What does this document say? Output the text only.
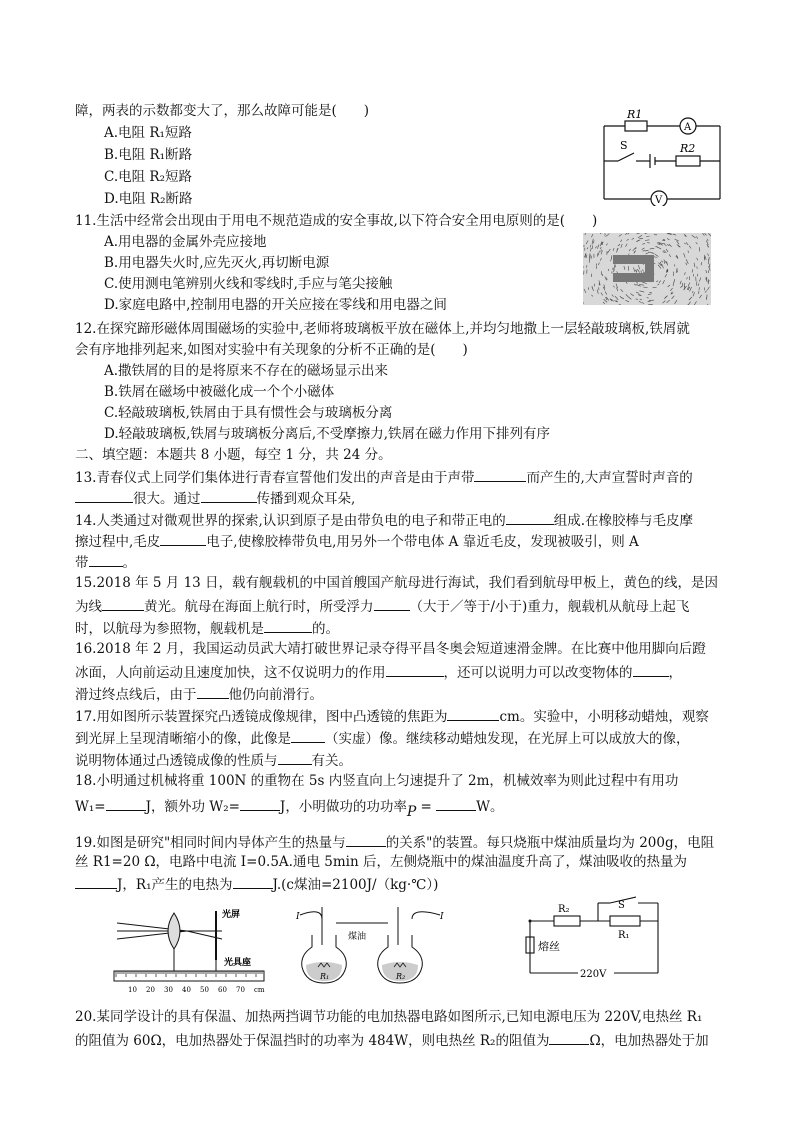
障，两表的示数都变大了，那么故障可能是(　　)
A.电阻 R₁短路
B.电阻 R₁断路
C.电阻 R₂短路
D.电阻 R₂断路
R1
A
S	R2
V
11.生活中经常会出现由于用电不规范造成的安全事故,以下符合安全用电原则的是(　　)
A.用电器的金属外壳应接地
B.用电器失火时,应先灭火,再切断电源
C.使用测电笔辨别火线和零线时,手应与笔尖接触
D.家庭电路中,控制用电器的开关应接在零线和用电器之间
12.在探究蹄形磁体周围磁场的实验中,老师将玻璃板平放在磁体上,并均匀地撒上一层轻敲玻璃板,铁屑就
会有序地排列起来,如图对实验中有关现象的分析不正确的是(　　)
A.撒铁屑的目的是将原来不存在的磁场显示出来
B.铁屑在磁场中被磁化成一个个小磁体
C.轻敲玻璃板,铁屑由于具有惯性会与玻璃板分离
D.轻敲玻璃板,铁屑与玻璃板分离后,不受摩擦力,铁屑在磁力作用下排列有序
二、填空题：本题共 8 小题，每空 1 分，共 24 分。
13.青春仪式上同学们集体进行青春宣誓他们发出的声音是由于声带	而产生的,大声宣誓时声音的
很大。通过	传播到观众耳朵,
14.人类通过对微观世界的探索,认识到原子是由带负电的电子和带正电的	组成.在橡胶棒与毛皮摩
擦过程中,毛皮	电子,使橡胶棒带负电,用另外一个带电体 A 靠近毛皮，发现被吸引，则 A
带	。
15.2018 年 5 月 13 日，载有舰载机的中国首艘国产航母进行海试，我们看到航母甲板上，黄色的线，是因
为线	黄光。航母在海面上航行时，所受浮力	（大于／等于/小于)重力，舰载机从航母上起飞
时，以航母为参照物，舰载机是	的。
16.2018 年 2 月，我国运动员武大靖打破世界记录夺得平昌冬奥会短道速滑金牌。在比赛中他用脚向后蹬
冰面，人向前运动且速度加快，这不仅说明力的作用	，还可以说明力可以改变物体的	，
滑过终点线后，由于 他仍向前滑行。
17.用如图所示装置探究凸透镜成像规律，图中凸透镜的焦距为	cm。实验中，小明移动蜡烛，观察
到光屏上呈现清晰缩小的像，此像是	（实虚）像。继续移动蜡烛发现，在光屏上可以成放大的像，
说明物体通过凸透镜成像的性质与	有关。
18.小明通过机械将重 100N 的重物在 5s 内竖直向上匀速提升了 2m，机械效率为则此过程中有用功
W₁=	J，额外功 W₂=	J，小明做功的功功率P =	W。
19.如图是研究"相同时间内导体产生的热量与	的关系"的装置。每只烧瓶中煤油质量均为 200g，电阻
丝 R1=20 Ω，电路中电流 I=0.5A.通电 5min 后，左侧烧瓶中的煤油温度升高了，煤油吸收的热量为
J，R₁产生的电热为	J.(c煤油=2100J/（kg·℃）)
光屏
光具座
10 20 30 40 50 60 70 cm
I	I
煤油
R₁	R₂
R₂
R₁
S
熔丝
220V
20.某同学设计的具有保温、加热两挡调节功能的电加热器电路如图所示,已知电源电压为 220V,电热丝 R₁
的阻值为 60Ω，电加热器处于保温挡时的功率为 484W，则电热丝 R₂的阻值为	Ω，电加热器处于加
